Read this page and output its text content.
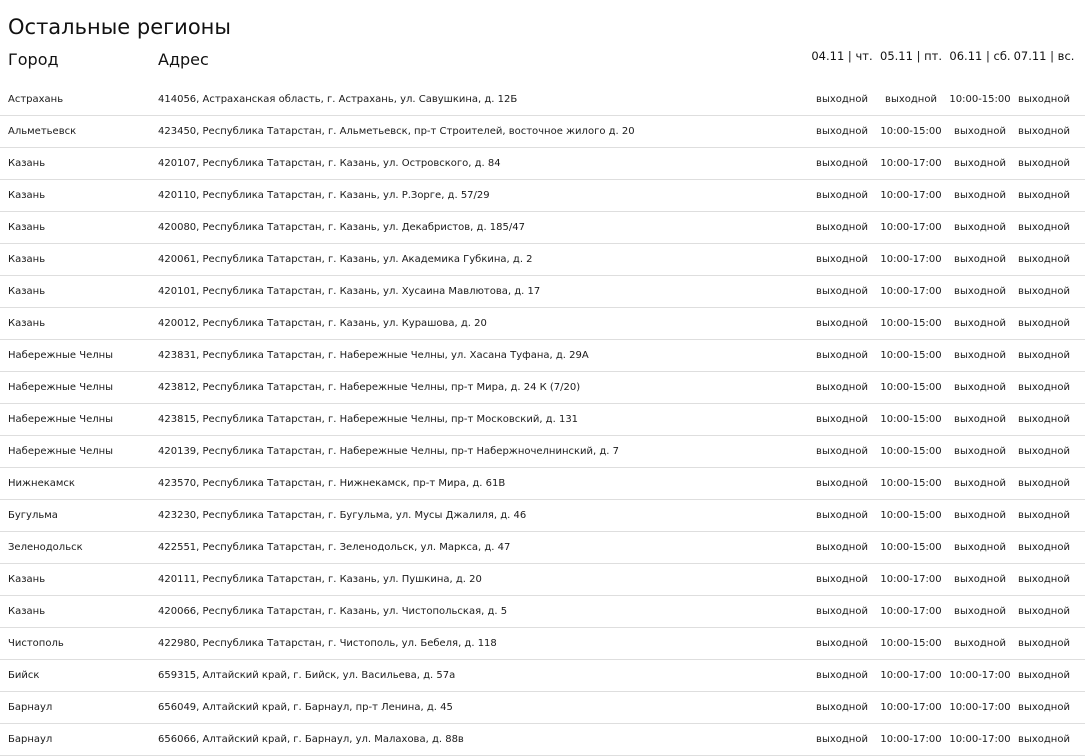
Остальные регионы
Город	Адрес	04.11 | чт. 05.11 | пт. 06.11 | сб. 07.11 | вс.
Астрахань	414056, Астраханская область, г. Астрахань, ул. Савушкина, д. 12Б	выходной	выходной	10:00-15:00 выходной
Альметьевск	423450, Республика Татарстан, г. Альметьевск, пр-т Строителей, восточное жилого д. 20	выходной	10:00-15:00	выходной	выходной
Казань	420107, Республика Татарстан, г. Казань, ул. Островского, д. 84	выходной	10:00-17:00	выходной	выходной
Казань	420110, Республика Татарстан, г. Казань, ул. Р.Зорге, д. 57/29	выходной	10:00-17:00	выходной	выходной
Казань	420080, Республика Татарстан, г. Казань, ул. Декабристов, д. 185/47	выходной	10:00-17:00	выходной	выходной
Казань	420061, Республика Татарстан, г. Казань, ул. Академика Губкина, д. 2	выходной	10:00-17:00	выходной	выходной
Казань	420101, Республика Татарстан, г. Казань, ул. Хусаина Мавлютова, д. 17	выходной	10:00-17:00	выходной	выходной
Казань	420012, Республика Татарстан, г. Казань, ул. Курашова, д. 20	выходной	10:00-15:00	выходной	выходной
Набережные Челны	423831, Республика Татарстан, г. Набережные Челны, ул. Хасана Туфана, д. 29А	выходной	10:00-15:00	выходной	выходной
Набережные Челны	423812, Республика Татарстан, г. Набережные Челны, пр-т Мира, д. 24 К (7/20)	выходной	10:00-15:00	выходной	выходной
Набережные Челны	423815, Республика Татарстан, г. Набережные Челны, пр-т Московский, д. 131	выходной	10:00-15:00	выходной	выходной
Набережные Челны	420139, Республика Татарстан, г. Набережные Челны, пр-т Набержночелнинский, д. 7	выходной	10:00-15:00	выходной	выходной
Нижнекамск	423570, Республика Татарстан, г. Нижнекамск, пр-т Мира, д. 61В	выходной	10:00-15:00	выходной	выходной
Бугульма	423230, Республика Татарстан, г. Бугульма, ул. Мусы Джалиля, д. 46	выходной	10:00-15:00	выходной	выходной
Зеленодольск	422551, Республика Татарстан, г. Зеленодольск, ул. Маркса, д. 47	выходной	10:00-15:00	выходной	выходной
Казань	420111, Республика Татарстан, г. Казань, ул. Пушкина, д. 20	выходной	10:00-17:00	выходной	выходной
Казань	420066, Республика Татарстан, г. Казань, ул. Чистопольская, д. 5	выходной	10:00-17:00	выходной	выходной
Чистополь	422980, Республика Татарстан, г. Чистополь, ул. Бебеля, д. 118	выходной	10:00-15:00	выходной	выходной
Бийск	659315, Алтайский край, г. Бийск, ул. Васильева, д. 57а	выходной	10:00-17:00 10:00-17:00 выходной
Барнаул	656049, Алтайский край, г. Барнаул, пр-т Ленина, д. 45	выходной	10:00-17:00 10:00-17:00 выходной
Барнаул	656066, Алтайский край, г. Барнаул, ул. Малахова, д. 88в	выходной	10:00-17:00 10:00-17:00 выходной
